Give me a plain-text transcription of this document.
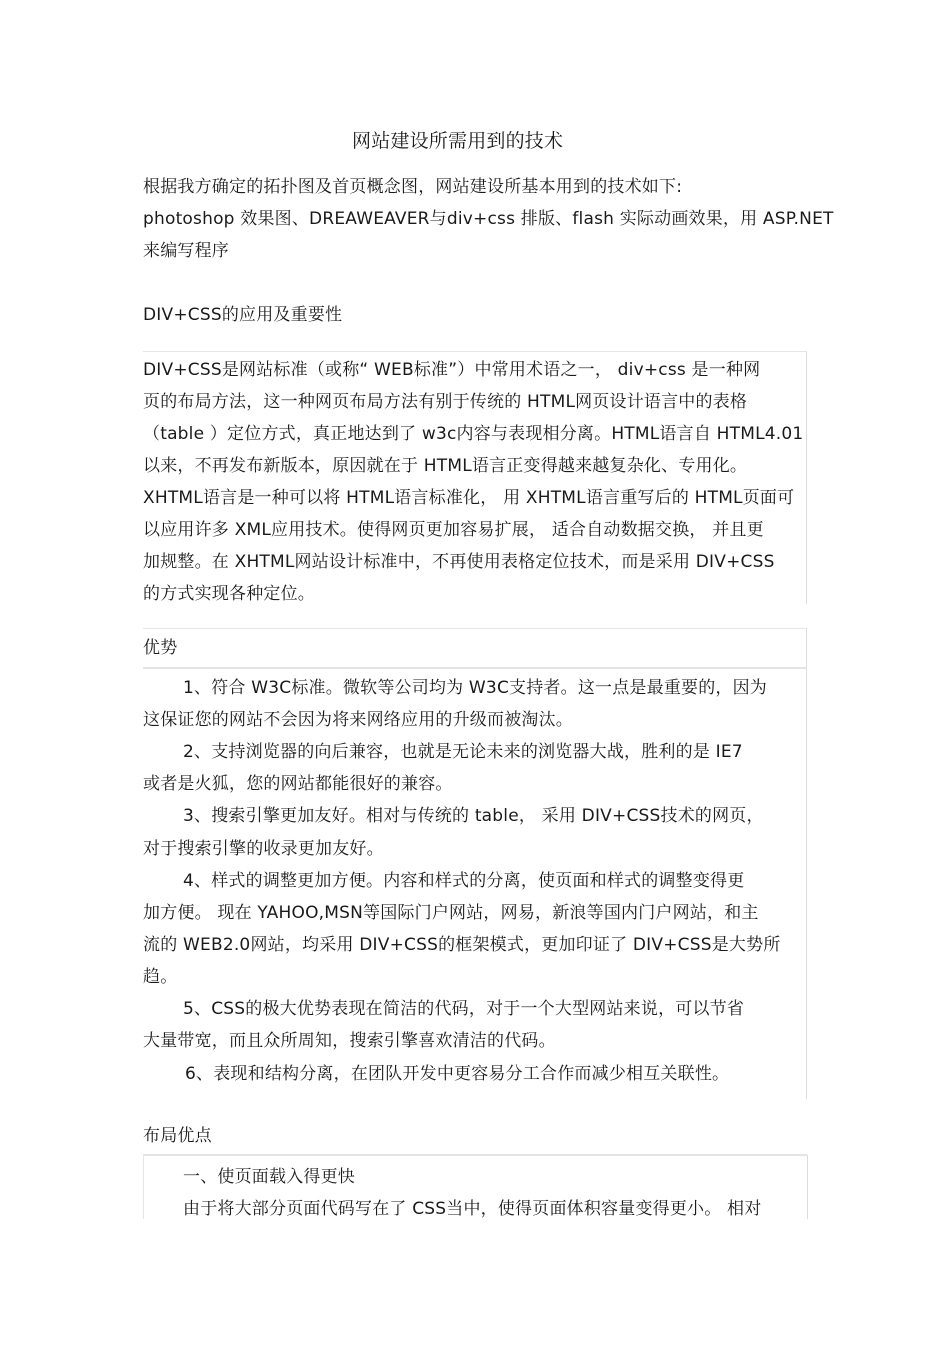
网站建设所需用到的技术
根据我方确定的拓扑图及首页概念图，网站建设所基本用到的技术如下:
photoshop 效果图、DREAWEAVER与div+css 排版、flash 实际动画效果，用 ASP.NET
来编写程序
DIV+CSS的应用及重要性
DIV+CSS是网站标准（或称“ WEB标准”）中常用术语之一， div+css 是一种网
页的布局方法，这一种网页布局方法有别于传统的 HTML网页设计语言中的表格
（table ）定位方式，真正地达到了 w3c内容与表现相分离。HTML语言自 HTML4.01
以来，不再发布新版本，原因就在于 HTML语言正变得越来越复杂化、专用化。
XHTML语言是一种可以将 HTML语言标准化， 用 XHTML语言重写后的 HTML页面可
以应用许多 XML应用技术。使得网页更加容易扩展， 适合自动数据交换， 并且更
加规整。在 XHTML网站设计标准中，不再使用表格定位技术，而是采用 DIV+CSS
的方式实现各种定位。
优势
1、符合 W3C标准。微软等公司均为 W3C支持者。这一点是最重要的，因为
这保证您的网站不会因为将来网络应用的升级而被淘汰。
2、支持浏览器的向后兼容，也就是无论未来的浏览器大战，胜利的是 IE7
或者是火狐，您的网站都能很好的兼容。
3、搜索引擎更加友好。相对与传统的 table， 采用 DIV+CSS技术的网页，
对于搜索引擎的收录更加友好。
4、样式的调整更加方便。内容和样式的分离，使页面和样式的调整变得更
加方便。 现在 YAHOO,MSN等国际门户网站，网易，新浪等国内门户网站，和主
流的 WEB2.0网站，均采用 DIV+CSS的框架模式，更加印证了 DIV+CSS是大势所
趋。
5、CSS的极大优势表现在简洁的代码，对于一个大型网站来说，可以节省
大量带宽，而且众所周知，搜索引擎喜欢清洁的代码。
6、表现和结构分离，在团队开发中更容易分工合作而减少相互关联性。
布局优点
一、使页面载入得更快
由于将大部分页面代码写在了 CSS当中，使得页面体积容量变得更小。 相对
